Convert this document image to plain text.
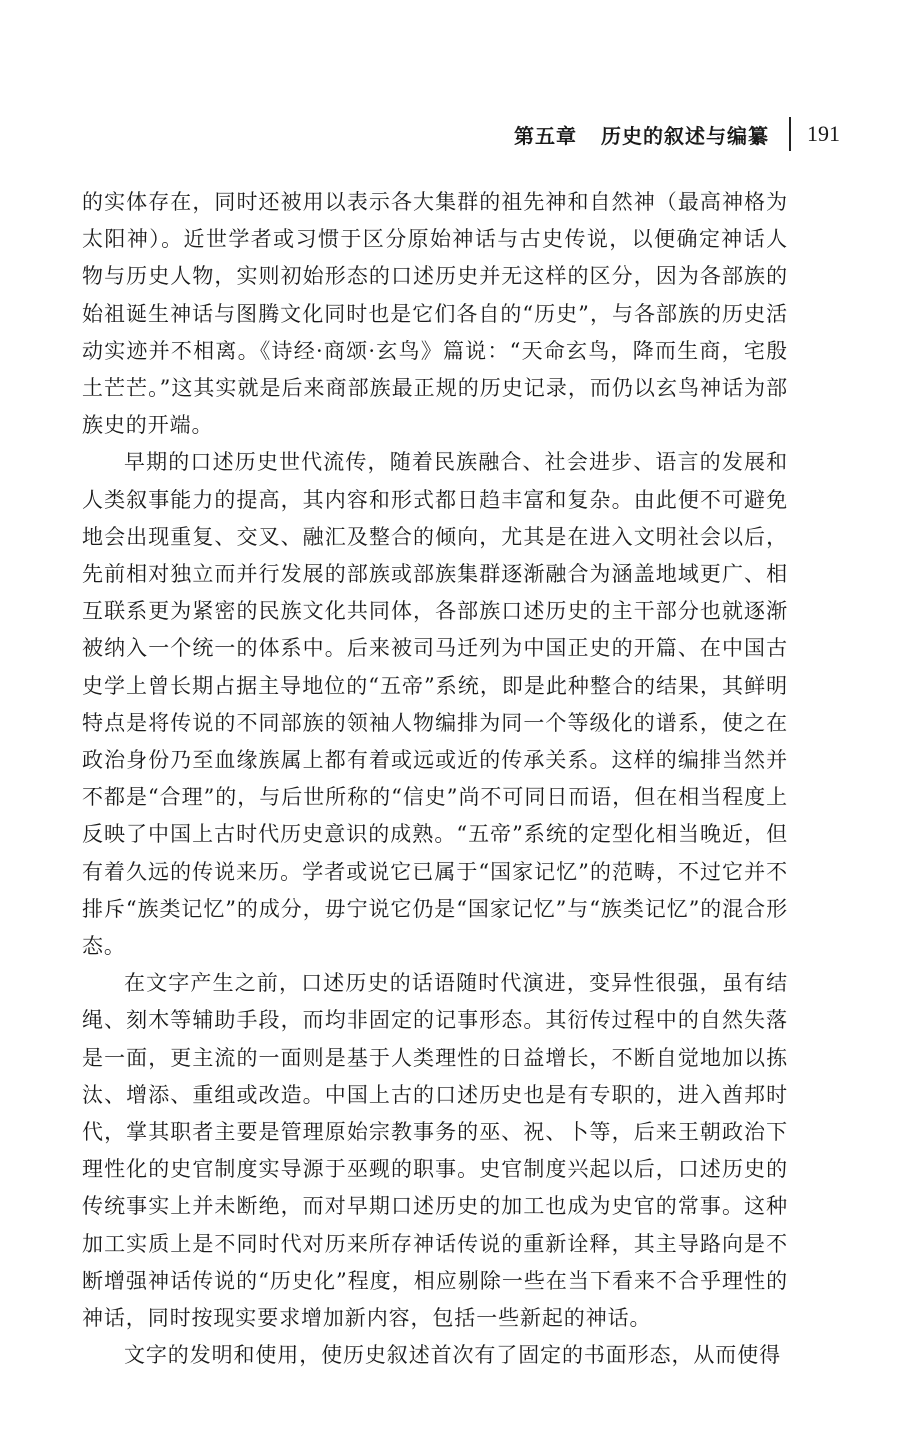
第五章 历史的叙述与编纂 191

的实体存在，同时还被用以表示各大集群的祖先神和自然神（最高神格为太阳神）。近世学者或习惯于区分原始神话与古史传说，以便确定神话人物与历史人物，实则初始形态的口述历史并无这样的区分，因为各部族的始祖诞生神话与图腾文化同时也是它们各自的“历史”，与各部族的历史活动实迹并不相离。《诗经·商颂·玄鸟》篇说：“天命玄鸟，降而生商，宅殷土芒芒。”这其实就是后来商部族最正规的历史记录，而仍以玄鸟神话为部族史的开端。

早期的口述历史世代流传，随着民族融合、社会进步、语言的发展和人类叙事能力的提高，其内容和形式都日趋丰富和复杂。由此便不可避免地会出现重复、交叉、融汇及整合的倾向，尤其是在进入文明社会以后，先前相对独立而并行发展的部族或部族集群逐渐融合为涵盖地域更广、相互联系更为紧密的民族文化共同体，各部族口述历史的主干部分也就逐渐被纳入一个统一的体系中。后来被司马迁列为中国正史的开篇、在中国古史学上曾长期占据主导地位的“五帝”系统，即是此种整合的结果，其鲜明特点是将传说的不同部族的领袖人物编排为同一个等级化的谱系，使之在政治身份乃至血缘族属上都有着或远或近的传承关系。这样的编排当然并不都是“合理”的，与后世所称的“信史”尚不可同日而语，但在相当程度上反映了中国上古时代历史意识的成熟。“五帝”系统的定型化相当晚近，但有着久远的传说来历。学者或说它已属于“国家记忆”的范畴，不过它并不排斥“族类记忆”的成分，毋宁说它仍是“国家记忆”与“族类记忆”的混合形态。

在文字产生之前，口述历史的话语随时代演进，变异性很强，虽有结绳、刻木等辅助手段，而均非固定的记事形态。其衍传过程中的自然失落是一面，更主流的一面则是基于人类理性的日益增长，不断自觉地加以拣汰、增添、重组或改造。中国上古的口述历史也是有专职的，进入酋邦时代，掌其职者主要是管理原始宗教事务的巫、祝、卜等，后来王朝政治下理性化的史官制度实导源于巫觋的职事。史官制度兴起以后，口述历史的传统事实上并未断绝，而对早期口述历史的加工也成为史官的常事。这种加工实质上是不同时代对历来所存神话传说的重新诠释，其主导路向是不断增强神话传说的“历史化”程度，相应剔除一些在当下看来不合乎理性的神话，同时按现实要求增加新内容，包括一些新起的神话。

文字的发明和使用，使历史叙述首次有了固定的书面形态，从而使得
